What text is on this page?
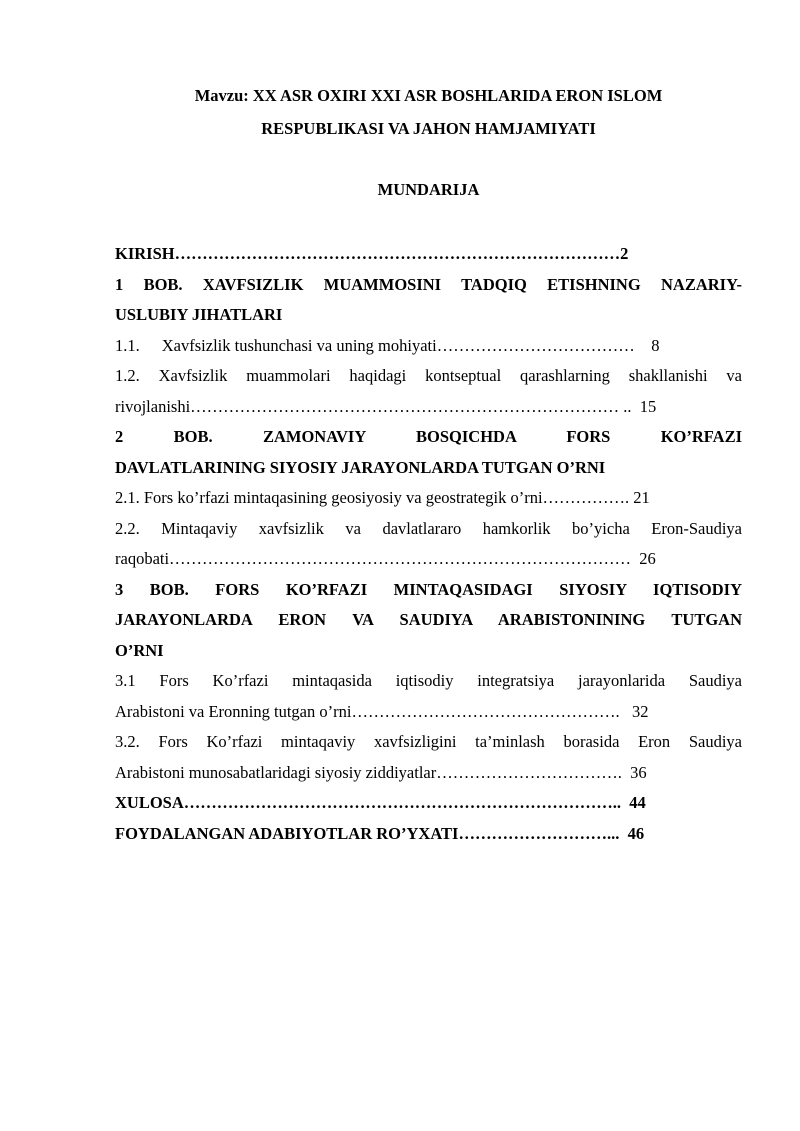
Mavzu: XX ASR OXIRI XXI ASR BOSHLARIDA ERON ISLOM
RESPUBLIKASI VA JAHON HAMJAMIYATI
MUNDARIJA
KIRISH………………………………………………………………………2
1 BOB. XAVFSIZLIK MUAMMOSINI TADQIQ ETISHNING NAZARIY-
USLUBIY JIHATLARI
1.1. Xavfsizlik tushunchasi va uning mohiyati………………………………    8
1.2. Xavfsizlik muammolari haqidagi kontseptual qarashlarning shakllanishi va
rivojlanishi…………………………………………………………………… ..  15
2 BOB. ZAMONAVIY BOSQICHDA FORS KO’RFAZI
DAVLATLARINING SIYOSIY JARAYONLARDA TUTGAN O’RNI
2.1. Fors ko’rfazi mintaqasining geosiyosiy va geostrategik o’rni……………. 21
2.2. Mintaqaviy xavfsizlik va davlatlararo hamkorlik bo’yicha Eron-Saudiya
raqobati…………………………………………………………………………  26
3 BOB. FORS KO’RFAZI MINTAQASIDAGI SIYOSIY IQTISODIY
JARAYONLARDA ERON VA SAUDIYA ARABISTONINING TUTGAN
O’RNI
3.1 Fors Ko’rfazi mintaqasida iqtisodiy integratsiya jarayonlarida Saudiya
Arabistoni va Eronning tutgan o’rni………………………………………….   32
3.2. Fors Ko’rfazi mintaqaviy xavfsizligini ta’minlash borasida Eron Saudiya
Arabistoni munosabatlaridagi siyosiy ziddiyatlar…………………………….  36
XULOSA……………………………………………………………………..  44
FOYDALANGAN ADABIYOTLAR RO’YXATI………………………...  46
